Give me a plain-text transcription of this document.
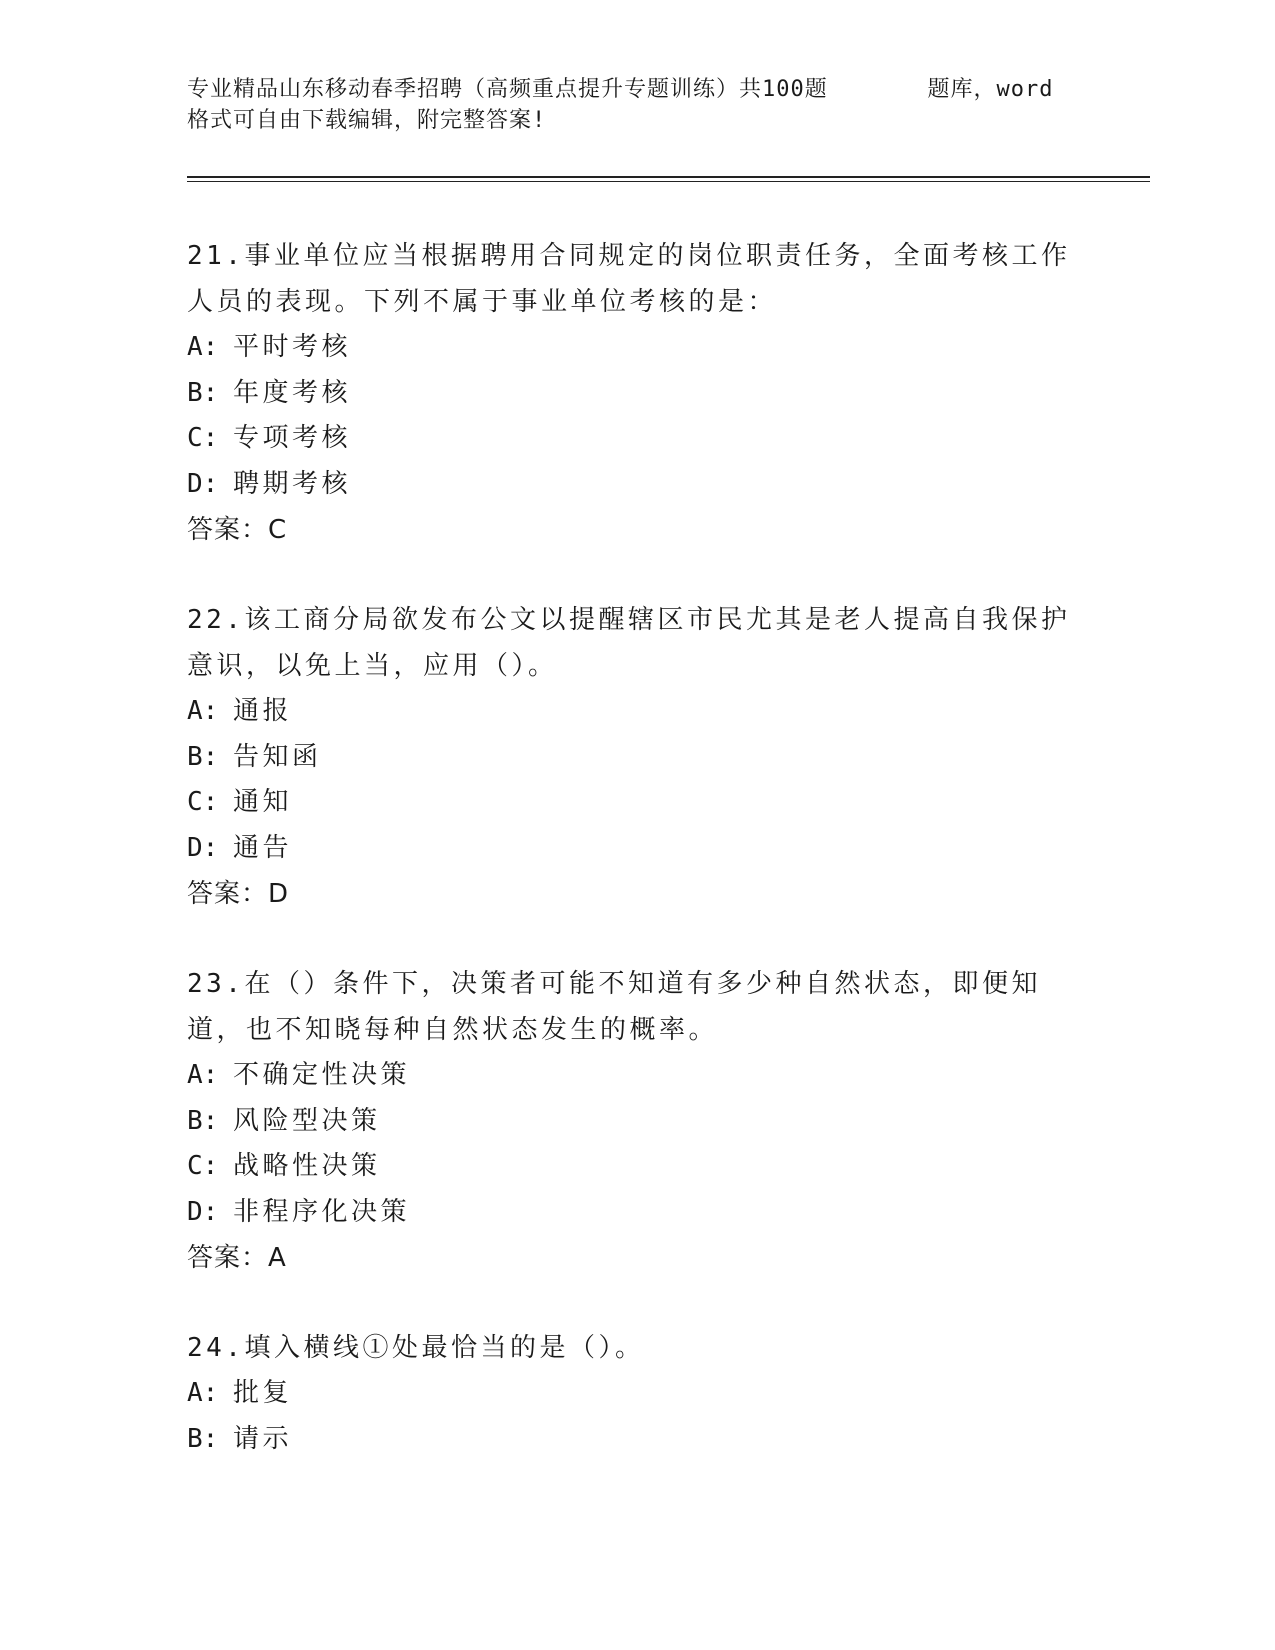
专业精品山东移动春季招聘（高频重点提升专题训练）共100题       题库，word
格式可自由下载编辑，附完整答案!
21.事业单位应当根据聘用合同规定的岗位职责任务，全面考核工作人员的表现。下列不属于事业单位考核的是：
A: 平时考核
B: 年度考核
C: 专项考核
D: 聘期考核
答案：C
22.该工商分局欲发布公文以提醒辖区市民尤其是老人提高自我保护意识，以免上当，应用（）。
A: 通报
B: 告知函
C: 通知
D: 通告
答案：D
23.在（）条件下，决策者可能不知道有多少种自然状态，即便知道，也不知晓每种自然状态发生的概率。
A: 不确定性决策
B: 风险型决策
C: 战略性决策
D: 非程序化决策
答案：A
24.填入横线①处最恰当的是（）。
A: 批复
B: 请示
